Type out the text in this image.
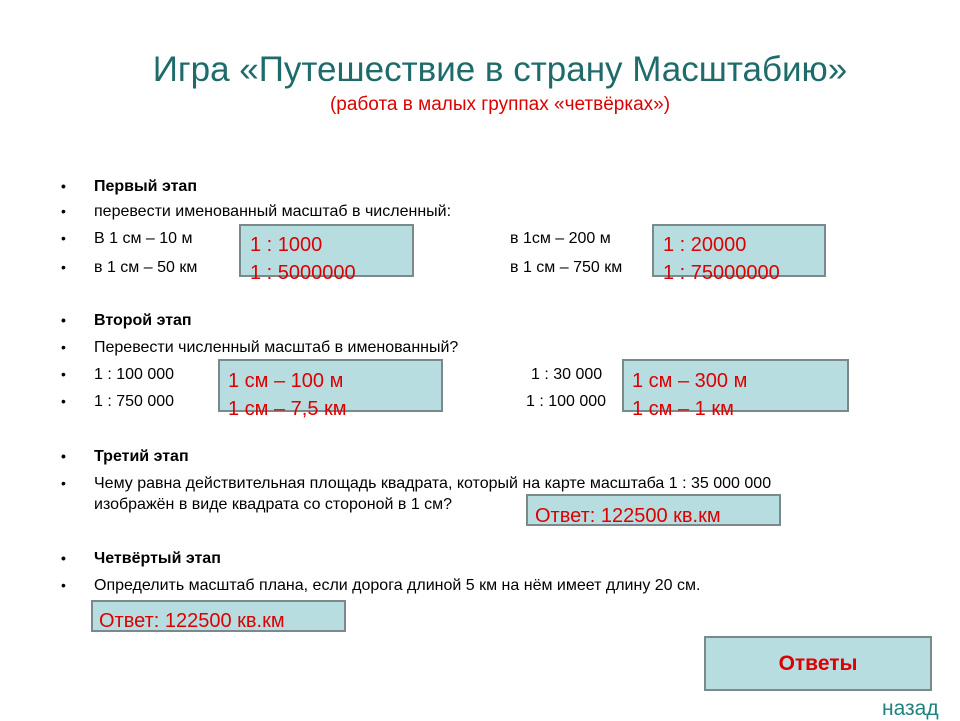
Игра «Путешествие в страну Масштабию»
(работа в малых группах «четвёрках»)
• Первый этап
• перевести именованный масштаб в численный:
• В 1 см – 10 м	в 1см – 200 м
• в 1 см – 50 км	в 1 см – 750 км
1 : 1000
1 : 5000000
1 : 20000
1 : 75000000
• Второй этап
• Перевести численный масштаб в именованный?
• 1 : 100 000	1 : 30 000
• 1 : 750 000	1 : 100 000
1 см – 100 м
1 см – 7,5 км
1 см – 300 м
1 см – 1 км
• Третий этап
• Чему равна действительная площадь квадрата, который на карте масштаба 1 : 35 000 000
изображён в виде квадрата со стороной в 1 см?
Ответ: 122500 кв.км
• Четвёртый этап
• Определить масштаб плана, если дорога длиной 5 км на нём имеет длину 20 см.
Ответ: 122500 кв.км
Ответы
назад
